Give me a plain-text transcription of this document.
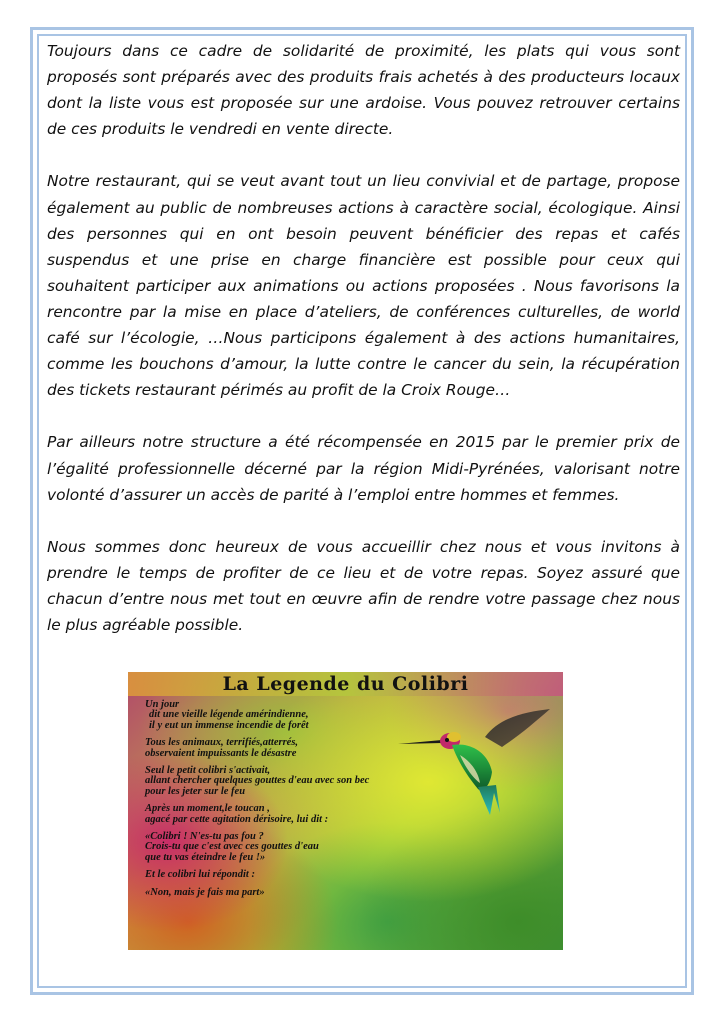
Toujours dans ce cadre de solidarité de proximité, les plats qui vous sont proposés sont préparés avec des produits frais achetés à des producteurs locaux dont la liste vous est proposée sur une ardoise. Vous pouvez retrouver certains de ces produits le vendredi en vente directe.

Notre restaurant, qui se veut avant tout un lieu convivial et de partage, propose également au public de nombreuses actions à caractère social, écologique. Ainsi des personnes qui en ont besoin peuvent bénéficier des repas et cafés suspendus et une prise en charge financière est possible pour ceux qui souhaitent participer aux animations ou actions proposées . Nous favorisons la rencontre par la mise en place d’ateliers, de conférences culturelles, de world café sur l’écologie, …Nous participons également à des actions humanitaires, comme les bouchons d’amour, la lutte contre le cancer du sein, la récupération des tickets restaurant périmés au profit de la Croix Rouge…

Par ailleurs notre structure a été récompensée en 2015 par le premier prix de l’égalité professionnelle décerné par la région Midi-Pyrénées, valorisant notre volonté d’assurer un accès de parité à l’emploi entre hommes et femmes.

Nous sommes donc heureux de vous accueillir chez nous et vous invitons à prendre le temps de profiter de ce lieu et de votre repas. Soyez assuré que chacun d’entre nous met tout en œuvre afin de rendre votre passage chez nous le plus agréable possible.

La Legende du Colibri
Un jour
dit une vieille légende amérindienne,
il y eut un immense incendie de forêt
Tous les animaux, terrifiés,atterrés,
observaient impuissants le désastre
Seul le petit colibri s'activait,
allant chercher quelques gouttes d'eau avec son bec
pour les jeter sur le feu
Après un moment,le toucan ,
agacé par cette agitation dérisoire, lui dit :
«Colibri ! N'es-tu pas fou ?
Crois-tu que c'est avec ces gouttes d'eau
que tu vas éteindre le feu !»
Et le colibri lui répondit :
«Non, mais je fais ma part»
